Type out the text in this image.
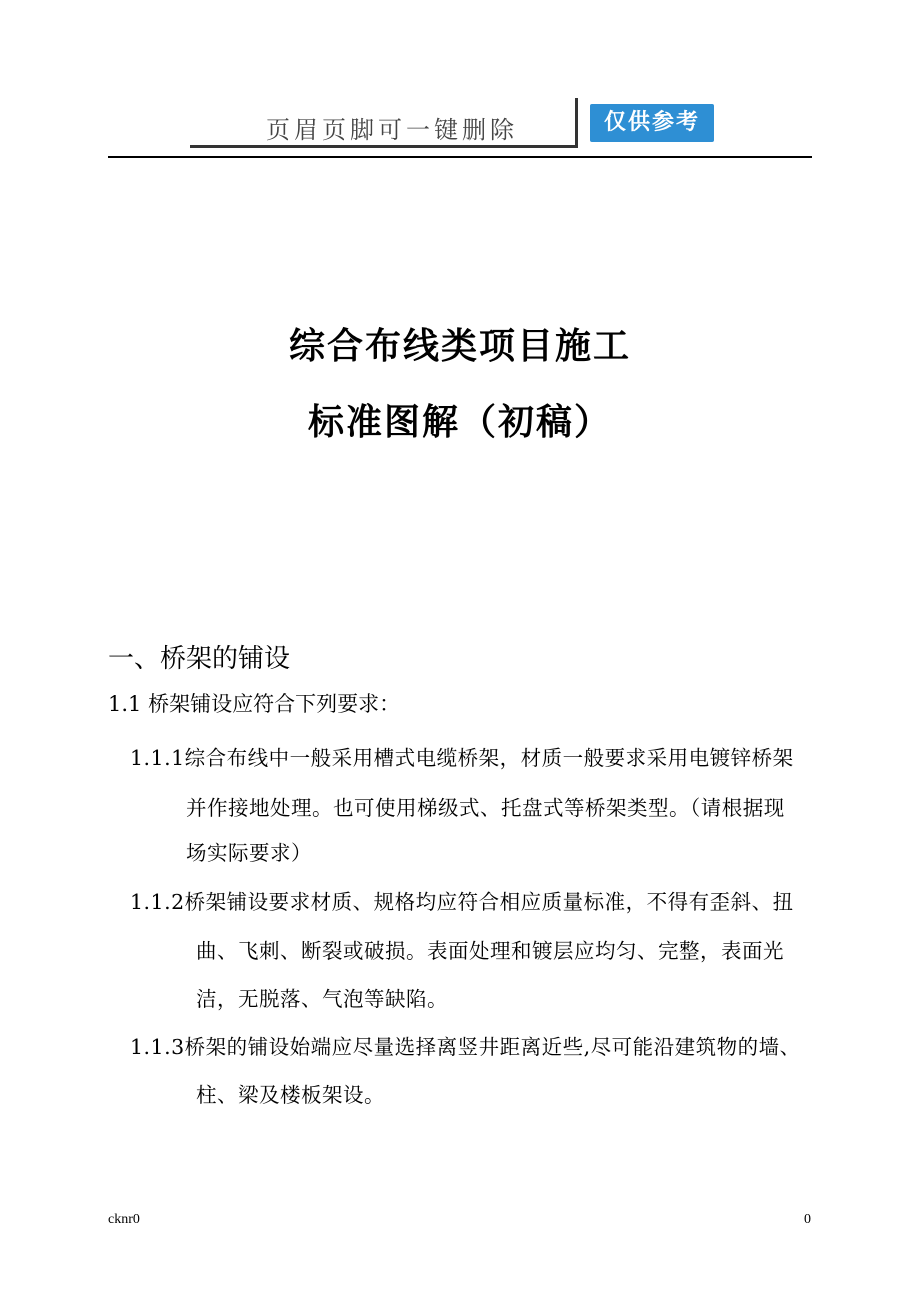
页眉页脚可一键删除	仅供参考
综合布线类项目施工
标准图解（初稿）
一、桥架的铺设
1.1 桥架铺设应符合下列要求：
1.1.1综合布线中一般采用槽式电缆桥架，材质一般要求采用电镀锌桥架
并作接地处理。也可使用梯级式、托盘式等桥架类型。（请根据现
场实际要求）
1.1.2桥架铺设要求材质、规格均应符合相应质量标准，不得有歪斜、扭
曲、飞刺、断裂或破损。表面处理和镀层应均匀、完整，表面光
洁，无脱落、气泡等缺陷。
1.1.3桥架的铺设始端应尽量选择离竖井距离近些,尽可能沿建筑物的墙、
柱、梁及楼板架设。
cknr0	0
